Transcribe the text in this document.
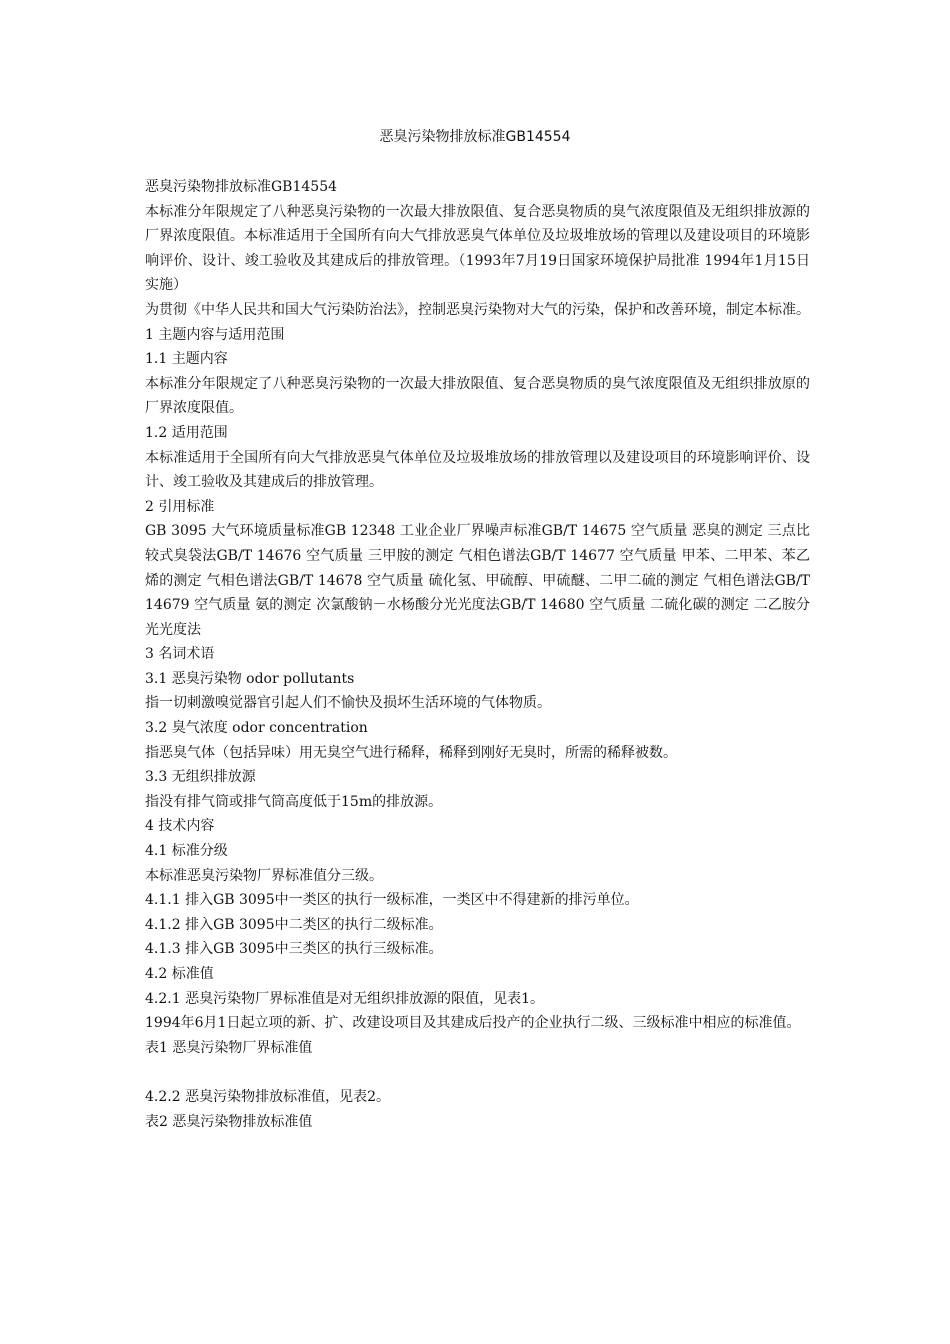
恶臭污染物排放标准GB14554

恶臭污染物排放标准GB14554

本标准分年限规定了八种恶臭污染物的一次最大排放限值、复合恶臭物质的臭气浓度限值及无组织排放源的厂界浓度限值。本标准适用于全国所有向大气排放恶臭气体单位及垃圾堆放场的管理以及建设项目的环境影响评价、设计、竣工验收及其建成后的排放管理。（1993年7月19日国家环境保护局批准 1994年1月15日实施）

为贯彻《中华人民共和国大气污染防治法》，控制恶臭污染物对大气的污染，保护和改善环境，制定本标准。

1 主题内容与适用范围

1.1 主题内容

本标准分年限规定了八种恶臭污染物的一次最大排放限值、复合恶臭物质的臭气浓度限值及无组织排放原的厂界浓度限值。

1.2 适用范围

本标准适用于全国所有向大气排放恶臭气体单位及垃圾堆放场的排放管理以及建设项目的环境影响评价、设计、竣工验收及其建成后的排放管理。

2 引用标准

GB 3095 大气环境质量标准GB 12348 工业企业厂界噪声标准GB/T 14675 空气质量 恶臭的测定 三点比较式臭袋法GB/T 14676 空气质量 三甲胺的测定 气相色谱法GB/T 14677 空气质量 甲苯、二甲苯、苯乙烯的测定 气相色谱法GB/T 14678 空气质量 硫化氢、甲硫醇、甲硫醚、二甲二硫的测定 气相色谱法GB/T 14679 空气质量 氨的测定 次氯酸钠－水杨酸分光光度法GB/T 14680 空气质量 二硫化碳的测定 二乙胺分光光度法

3 名词术语

3.1 恶臭污染物 odor pollutants

指一切刺激嗅觉器官引起人们不愉快及损坏生活环境的气体物质。

3.2 臭气浓度 odor concentration

指恶臭气体（包括异味）用无臭空气进行稀释，稀释到刚好无臭时，所需的稀释被数。

3.3 无组织排放源

指没有排气筒或排气筒高度低于15m的排放源。

4 技术内容

4.1 标准分级

本标准恶臭污染物厂界标准值分三级。

4.1.1 排入GB 3095中一类区的执行一级标准，一类区中不得建新的排污单位。

4.1.2 排入GB 3095中二类区的执行二级标准。

4.1.3 排入GB 3095中三类区的执行三级标准。

4.2 标准值

4.2.1 恶臭污染物厂界标准值是对无组织排放源的限值，见表1。

1994年6月1日起立项的新、扩、改建设项目及其建成后投产的企业执行二级、三级标准中相应的标准值。

表1 恶臭污染物厂界标准值

4.2.2 恶臭污染物排放标准值，见表2。

表2 恶臭污染物排放标准值
